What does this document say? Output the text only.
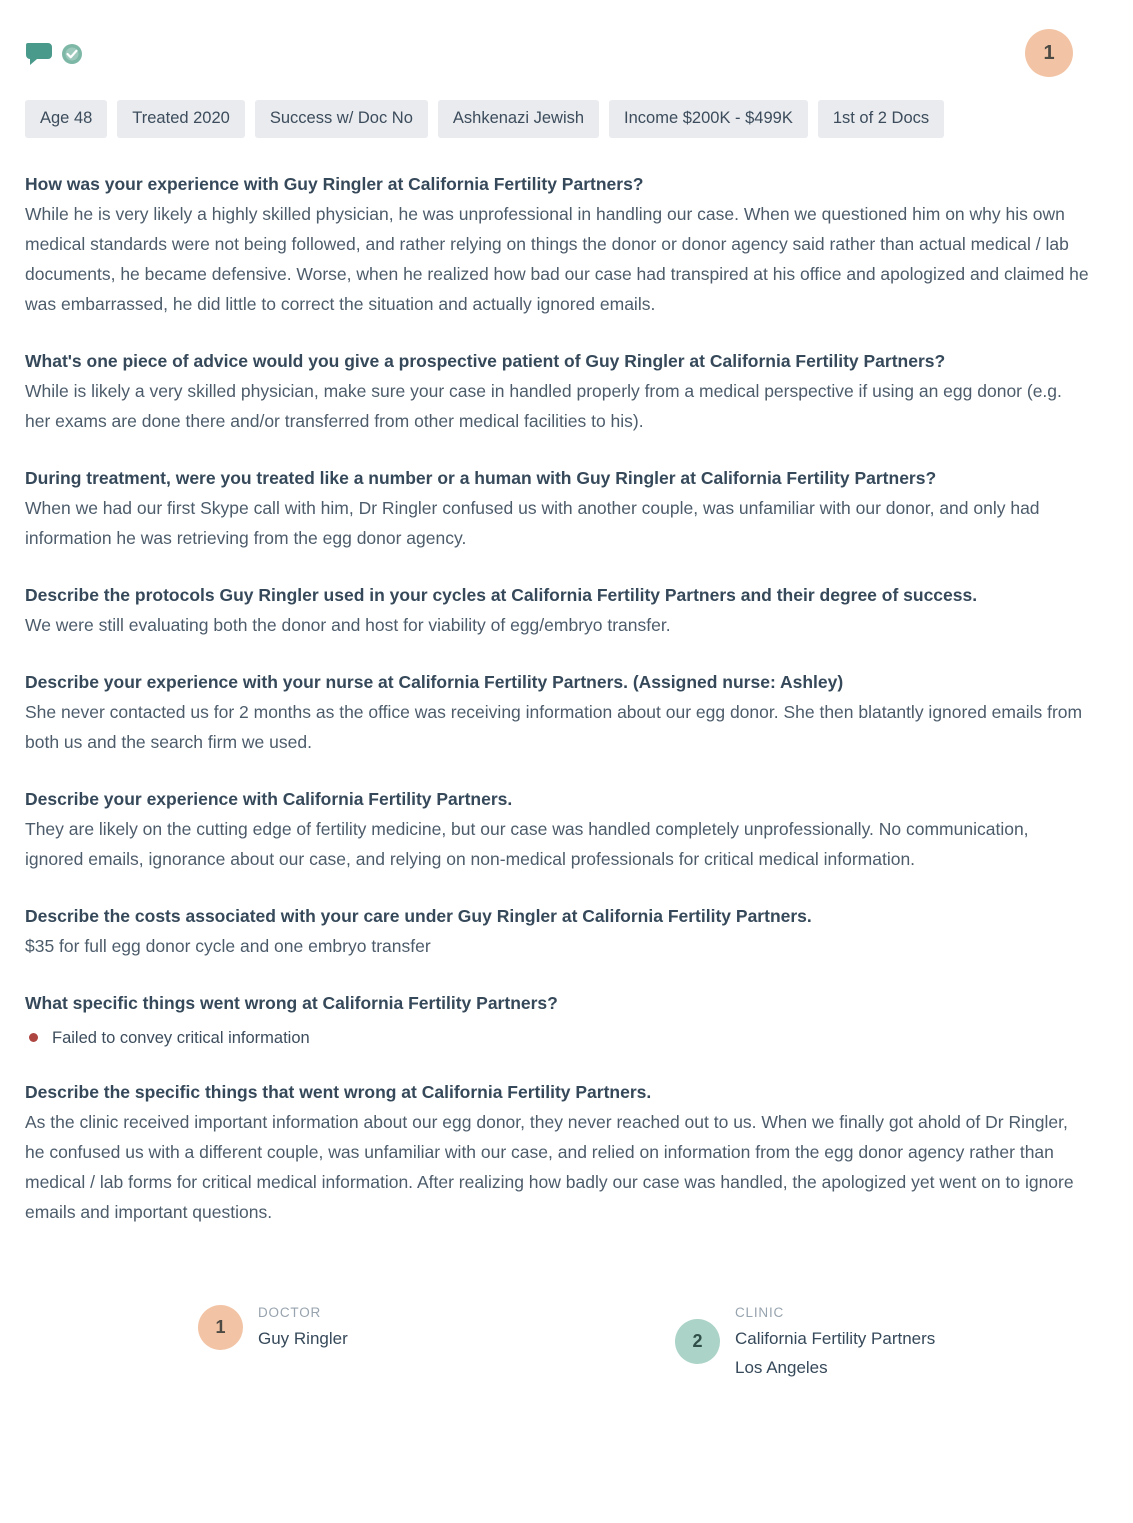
1
Age 48	Treated 2020	Success w/ Doc No	Ashkenazi Jewish	Income $200K - $499K	1st of 2 Docs
How was your experience with Guy Ringler at California Fertility Partners?

While he is very likely a highly skilled physician, he was unprofessional in handling our case. When we questioned him on why his own medical standards were not being followed, and rather relying on things the donor or donor agency said rather than actual medical / lab documents, he became defensive. Worse, when he realized how bad our case had transpired at his office and apologized and claimed he was embarrassed, he did little to correct the situation and actually ignored emails.

What's one piece of advice would you give a prospective patient of Guy Ringler at California Fertility Partners?

While is likely a very skilled physician, make sure your case in handled properly from a medical perspective if using an egg donor (e.g. her exams are done there and/or transferred from other medical facilities to his).

During treatment, were you treated like a number or a human with Guy Ringler at California Fertility Partners?

When we had our first Skype call with him, Dr Ringler confused us with another couple, was unfamiliar with our donor, and only had information he was retrieving from the egg donor agency.

Describe the protocols Guy Ringler used in your cycles at California Fertility Partners and their degree of success.

We were still evaluating both the donor and host for viability of egg/embryo transfer.

Describe your experience with your nurse at California Fertility Partners. (Assigned nurse: Ashley)

She never contacted us for 2 months as the office was receiving information about our egg donor. She then blatantly ignored emails from both us and the search firm we used.

Describe your experience with California Fertility Partners.

They are likely on the cutting edge of fertility medicine, but our case was handled completely unprofessionally. No communication, ignored emails, ignorance about our case, and relying on non-medical professionals for critical medical information.

Describe the costs associated with your care under Guy Ringler at California Fertility Partners.

$35 for full egg donor cycle and one embryo transfer

What specific things went wrong at California Fertility Partners?
Failed to convey critical information
Describe the specific things that went wrong at California Fertility Partners.

As the clinic received important information about our egg donor, they never reached out to us. When we finally got ahold of Dr Ringler, he confused us with a different couple, was unfamiliar with our case, and relied on information from the egg donor agency rather than medical / lab forms for critical medical information. After realizing how badly our case was handled, the apologized yet went on to ignore emails and important questions.

1
DOCTOR
Guy Ringler	2
CLINIC
California Fertility Partners
Los Angeles
